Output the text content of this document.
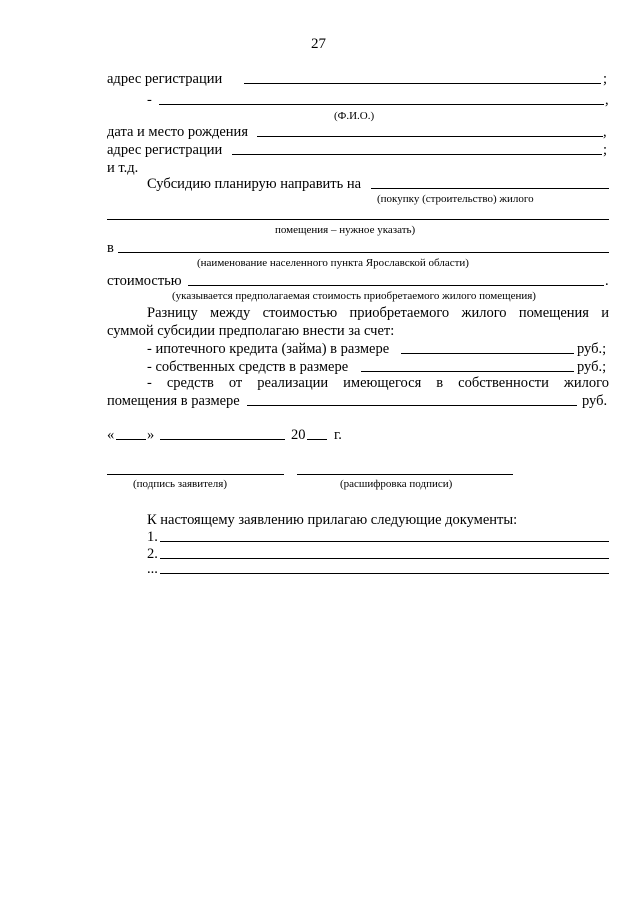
27
адрес регистрации	;
-	,
(Ф.И.О.)
дата и место рождения	,
адрес регистрации	;
и т.д.
Субсидию планирую направить на
(покупку (строительство) жилого
помещения – нужное указать)
в
(наименование населенного пункта Ярославской области)
стоимостью	.
(указывается предполагаемая стоимость приобретаемого жилого помещения)
Разницу между стоимостью приобретаемого жилого помещения и
суммой субсидии предполагаю внести за счет:
- ипотечного кредита (займа) в размере	руб.;
- собственных средств в размере	руб.;
- средств от реализации имеющегося в собственности жилого
помещения в размере	руб.
« »	20 г.
(подпись заявителя)	(расшифровка подписи)
К настоящему заявлению прилагаю следующие документы:
1.
2.
...
